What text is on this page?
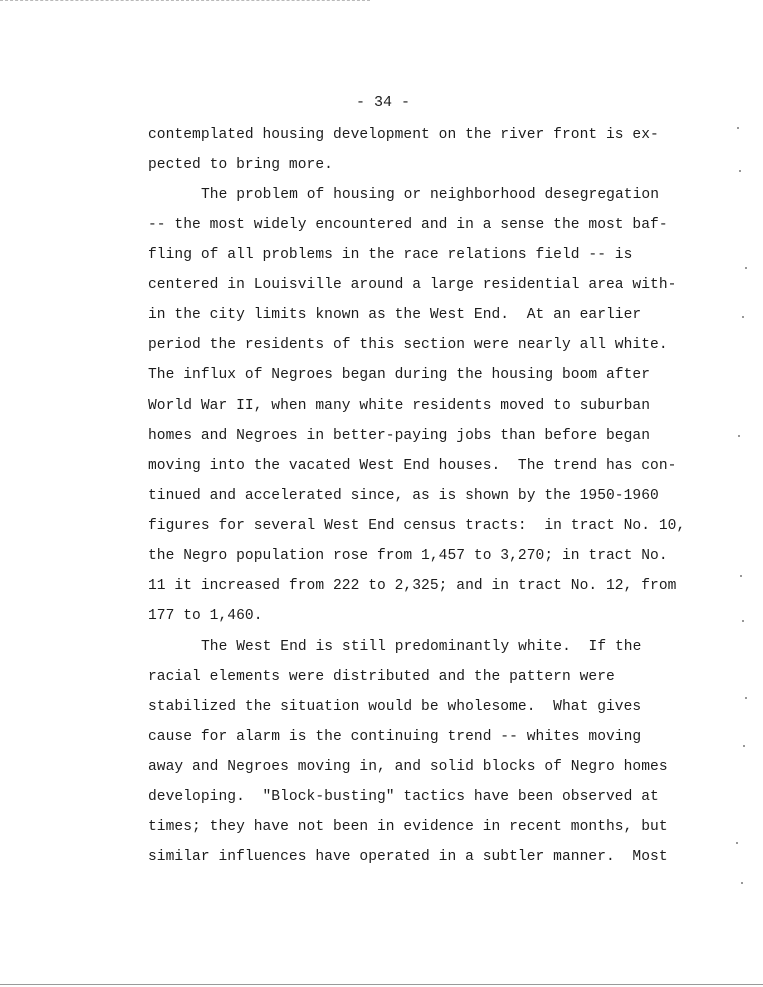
- 34 -
contemplated housing development on the river front is ex-
pected to bring more.
The problem of housing or neighborhood desegregation
-- the most widely encountered and in a sense the most baf-
fling of all problems in the race relations field -- is
centered in Louisville around a large residential area with-
in the city limits known as the West End.  At an earlier
period the residents of this section were nearly all white.
The influx of Negroes began during the housing boom after
World War II, when many white residents moved to suburban
homes and Negroes in better-paying jobs than before began
moving into the vacated West End houses.  The trend has con-
tinued and accelerated since, as is shown by the 1950-1960
figures for several West End census tracts:  in tract No. 10,
the Negro population rose from 1,457 to 3,270; in tract No.
11 it increased from 222 to 2,325; and in tract No. 12, from
177 to 1,460.
The West End is still predominantly white.  If the
racial elements were distributed and the pattern were
stabilized the situation would be wholesome.  What gives
cause for alarm is the continuing trend -- whites moving
away and Negroes moving in, and solid blocks of Negro homes
developing.  "Block-busting" tactics have been observed at
times; they have not been in evidence in recent months, but
similar influences have operated in a subtler manner.  Most
